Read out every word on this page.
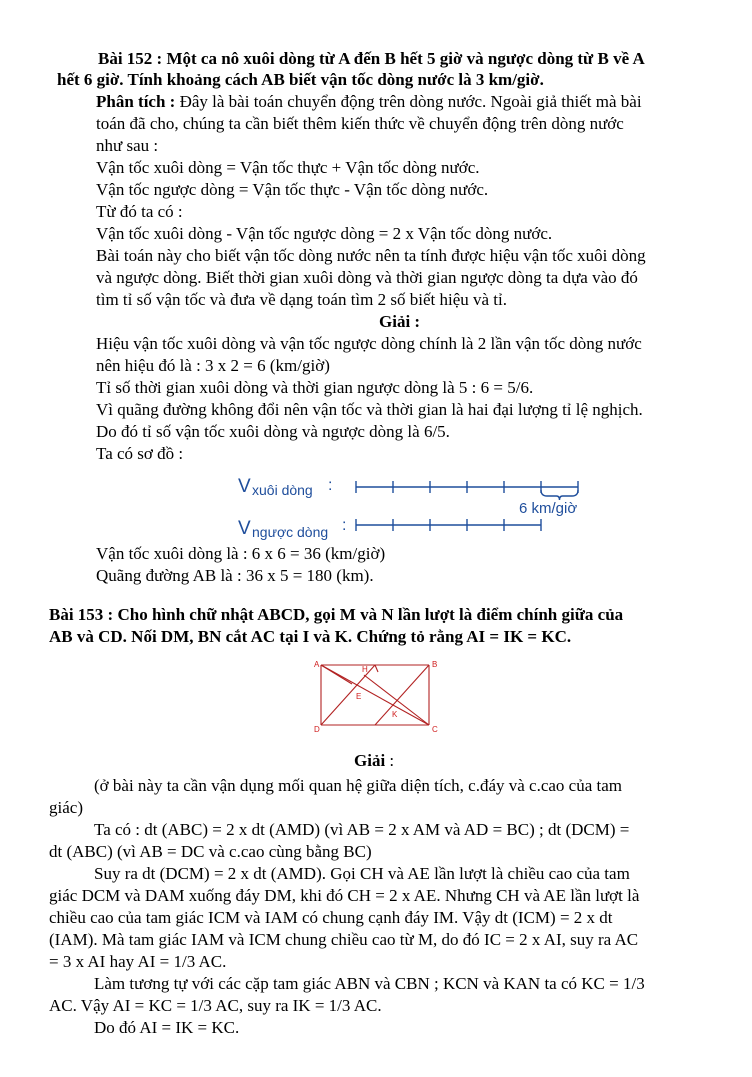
Bài 152 : Một ca nô xuôi dòng từ A đến B hết 5 giờ và ngược dòng từ B về A
hết 6 giờ. Tính khoảng cách AB biết vận tốc dòng nước là 3 km/giờ.
Phân tích : Đây là bài toán chuyển động trên dòng nước. Ngoài giả thiết mà bài
toán đã cho, chúng ta cần biết thêm kiến thức về chuyển động trên dòng nước
như sau :
Vận tốc xuôi dòng = Vận tốc thực + Vận tốc dòng nước.
Vận tốc ngược dòng = Vận tốc thực - Vận tốc dòng nước.
Từ đó ta có :
Vận tốc xuôi dòng - Vận tốc ngược dòng = 2 x Vận tốc dòng nước.
Bài toán này cho biết vận tốc dòng nước nên ta tính được hiệu vận tốc xuôi dòng
và ngược dòng. Biết thời gian xuôi dòng và thời gian ngược dòng ta dựa vào đó
tìm tỉ số vận tốc và đưa về dạng toán tìm 2 số biết hiệu và tỉ.
Giải :
Hiệu vận tốc xuôi dòng và vận tốc ngược dòng chính là 2 lần vận tốc dòng nước
nên hiệu đó là : 3 x 2 = 6 (km/giờ)
Tỉ số thời gian xuôi dòng và thời gian ngược dòng là 5 : 6 = 5/6.
Vì quãng đường không đổi nên vận tốc và thời gian là hai đại lượng tỉ lệ nghịch.
Do đó tỉ số vận tốc xuôi dòng và ngược dòng là 6/5.
Ta có sơ đồ :
V xuôi dòng :
6 km/giờ
V ngược dòng :
Vận tốc xuôi dòng là : 6 x 6 = 36 (km/giờ)
Quãng đường AB là : 36 x 5 = 180 (km).
Bài 153 : Cho hình chữ nhật ABCD, gọi M và N lần lượt là điểm chính giữa của
AB và CD. Nối DM, BN cắt AC tại I và K. Chứng tỏ rằng AI = IK = KC.
A	B
C
D
H
E
K
Giải :
(ở bài này ta cần vận dụng mối quan hệ giữa diện tích, c.đáy và c.cao của tam
giác)
Ta có : dt (ABC) = 2 x dt (AMD) (vì AB = 2 x AM và AD = BC) ; dt (DCM) =
dt (ABC) (vì AB = DC và c.cao cùng bằng BC)
Suy ra dt (DCM) = 2 x dt (AMD). Gọi CH và AE lần lượt là chiều cao của tam
giác DCM và DAM xuống đáy DM, khi đó CH = 2 x AE. Nhưng CH và AE lần lượt là
chiều cao của tam giác ICM và IAM có chung cạnh đáy IM. Vậy dt (ICM) = 2 x dt
(IAM). Mà tam giác IAM và ICM chung chiều cao từ M, do đó IC = 2 x AI, suy ra AC
= 3 x AI hay AI = 1/3 AC.
Làm tương tự với các cặp tam giác ABN và CBN ; KCN và KAN ta có KC = 1/3
AC. Vậy AI = KC = 1/3 AC, suy ra IK = 1/3 AC.
Do đó AI = IK = KC.
